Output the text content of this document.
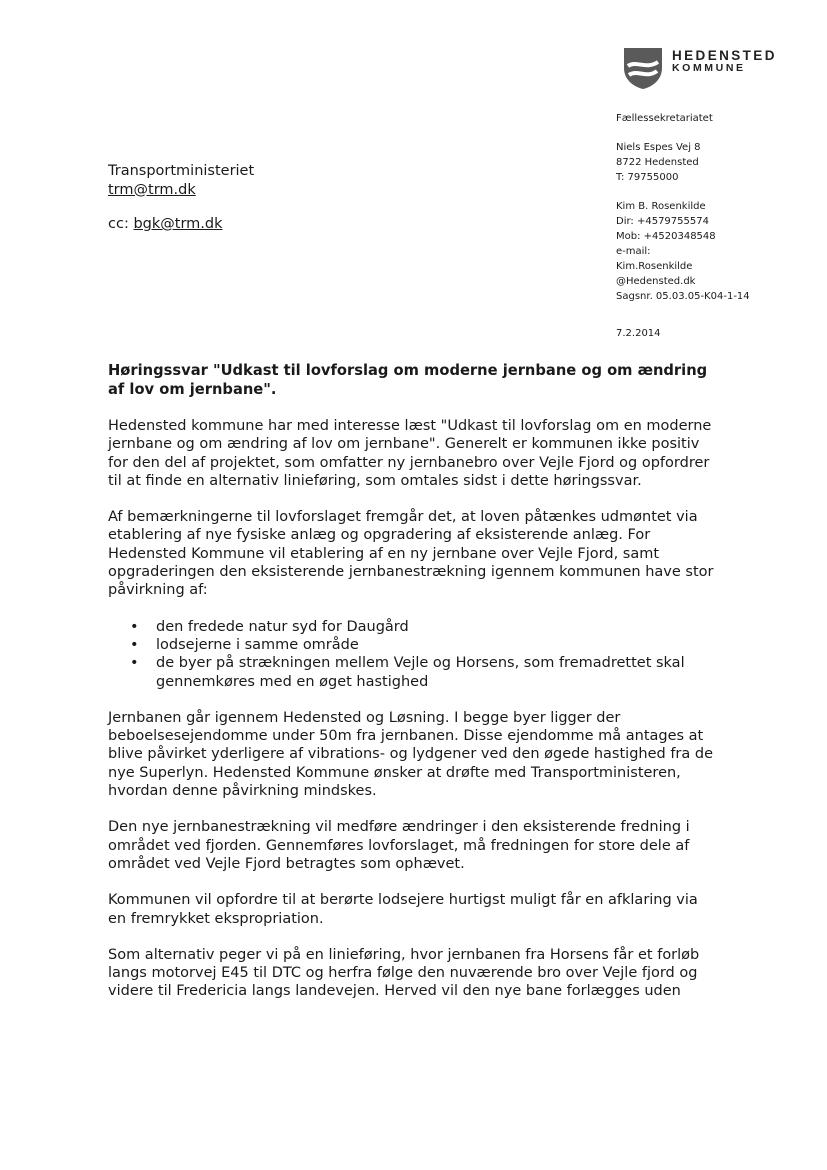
HEDENSTED
KOMMUNE
Fællessekretariatet
Niels Espes Vej 8
8722 Hedensted
T: 79755000
Kim B. Rosenkilde
Dir: +4579755574
Mob: +4520348548
e-mail:
Kim.Rosenkilde
@Hedensted.dk
Sagsnr. 05.03.05-K04-1-14
7.2.2014
Transportministeriet
trm@trm.dk
cc: bgk@trm.dk
Høringssvar "Udkast til lovforslag om moderne jernbane og om ændring af lov om jernbane".

Hedensted kommune har med interesse læst "Udkast til lovforslag om en moderne jernbane og om ændring af lov om jernbane". Generelt er kommunen ikke positiv for den del af projektet, som omfatter ny jernbanebro over Vejle Fjord og opfordrer til at finde en alternativ linieføring, som omtales sidst i dette høringssvar.

Af bemærkningerne til lovforslaget fremgår det, at loven påtænkes udmøntet via etablering af nye fysiske anlæg og opgradering af eksisterende anlæg. For Hedensted Kommune vil etablering af en ny jernbane over Vejle Fjord, samt opgraderingen den eksisterende jernbanestrækning igennem kommunen have stor påvirkning af:

• den fredede natur syd for Daugård
• lodsejerne i samme område
• de byer på strækningen mellem Vejle og Horsens, som fremadrettet skal gennemkøres med en øget hastighed

Jernbanen går igennem Hedensted og Løsning. I begge byer ligger der beboelsesejendomme under 50m fra jernbanen. Disse ejendomme må antages at blive påvirket yderligere af vibrations- og lydgener ved den øgede hastighed fra de nye Superlyn. Hedensted Kommune ønsker at drøfte med Transportministeren, hvordan denne påvirkning mindskes.

Den nye jernbanestrækning vil medføre ændringer i den eksisterende fredning i området ved fjorden. Gennemføres lovforslaget, må fredningen for store dele af området ved Vejle Fjord betragtes som ophævet.

Kommunen vil opfordre til at berørte lodsejere hurtigst muligt får en afklaring via en fremrykket ekspropriation.

Som alternativ peger vi på en linieføring, hvor jernbanen fra Horsens får et forløb langs motorvej E45 til DTC og herfra følge den nuværende bro over Vejle fjord og videre til Fredericia langs landevejen. Herved vil den nye bane forlægges uden
